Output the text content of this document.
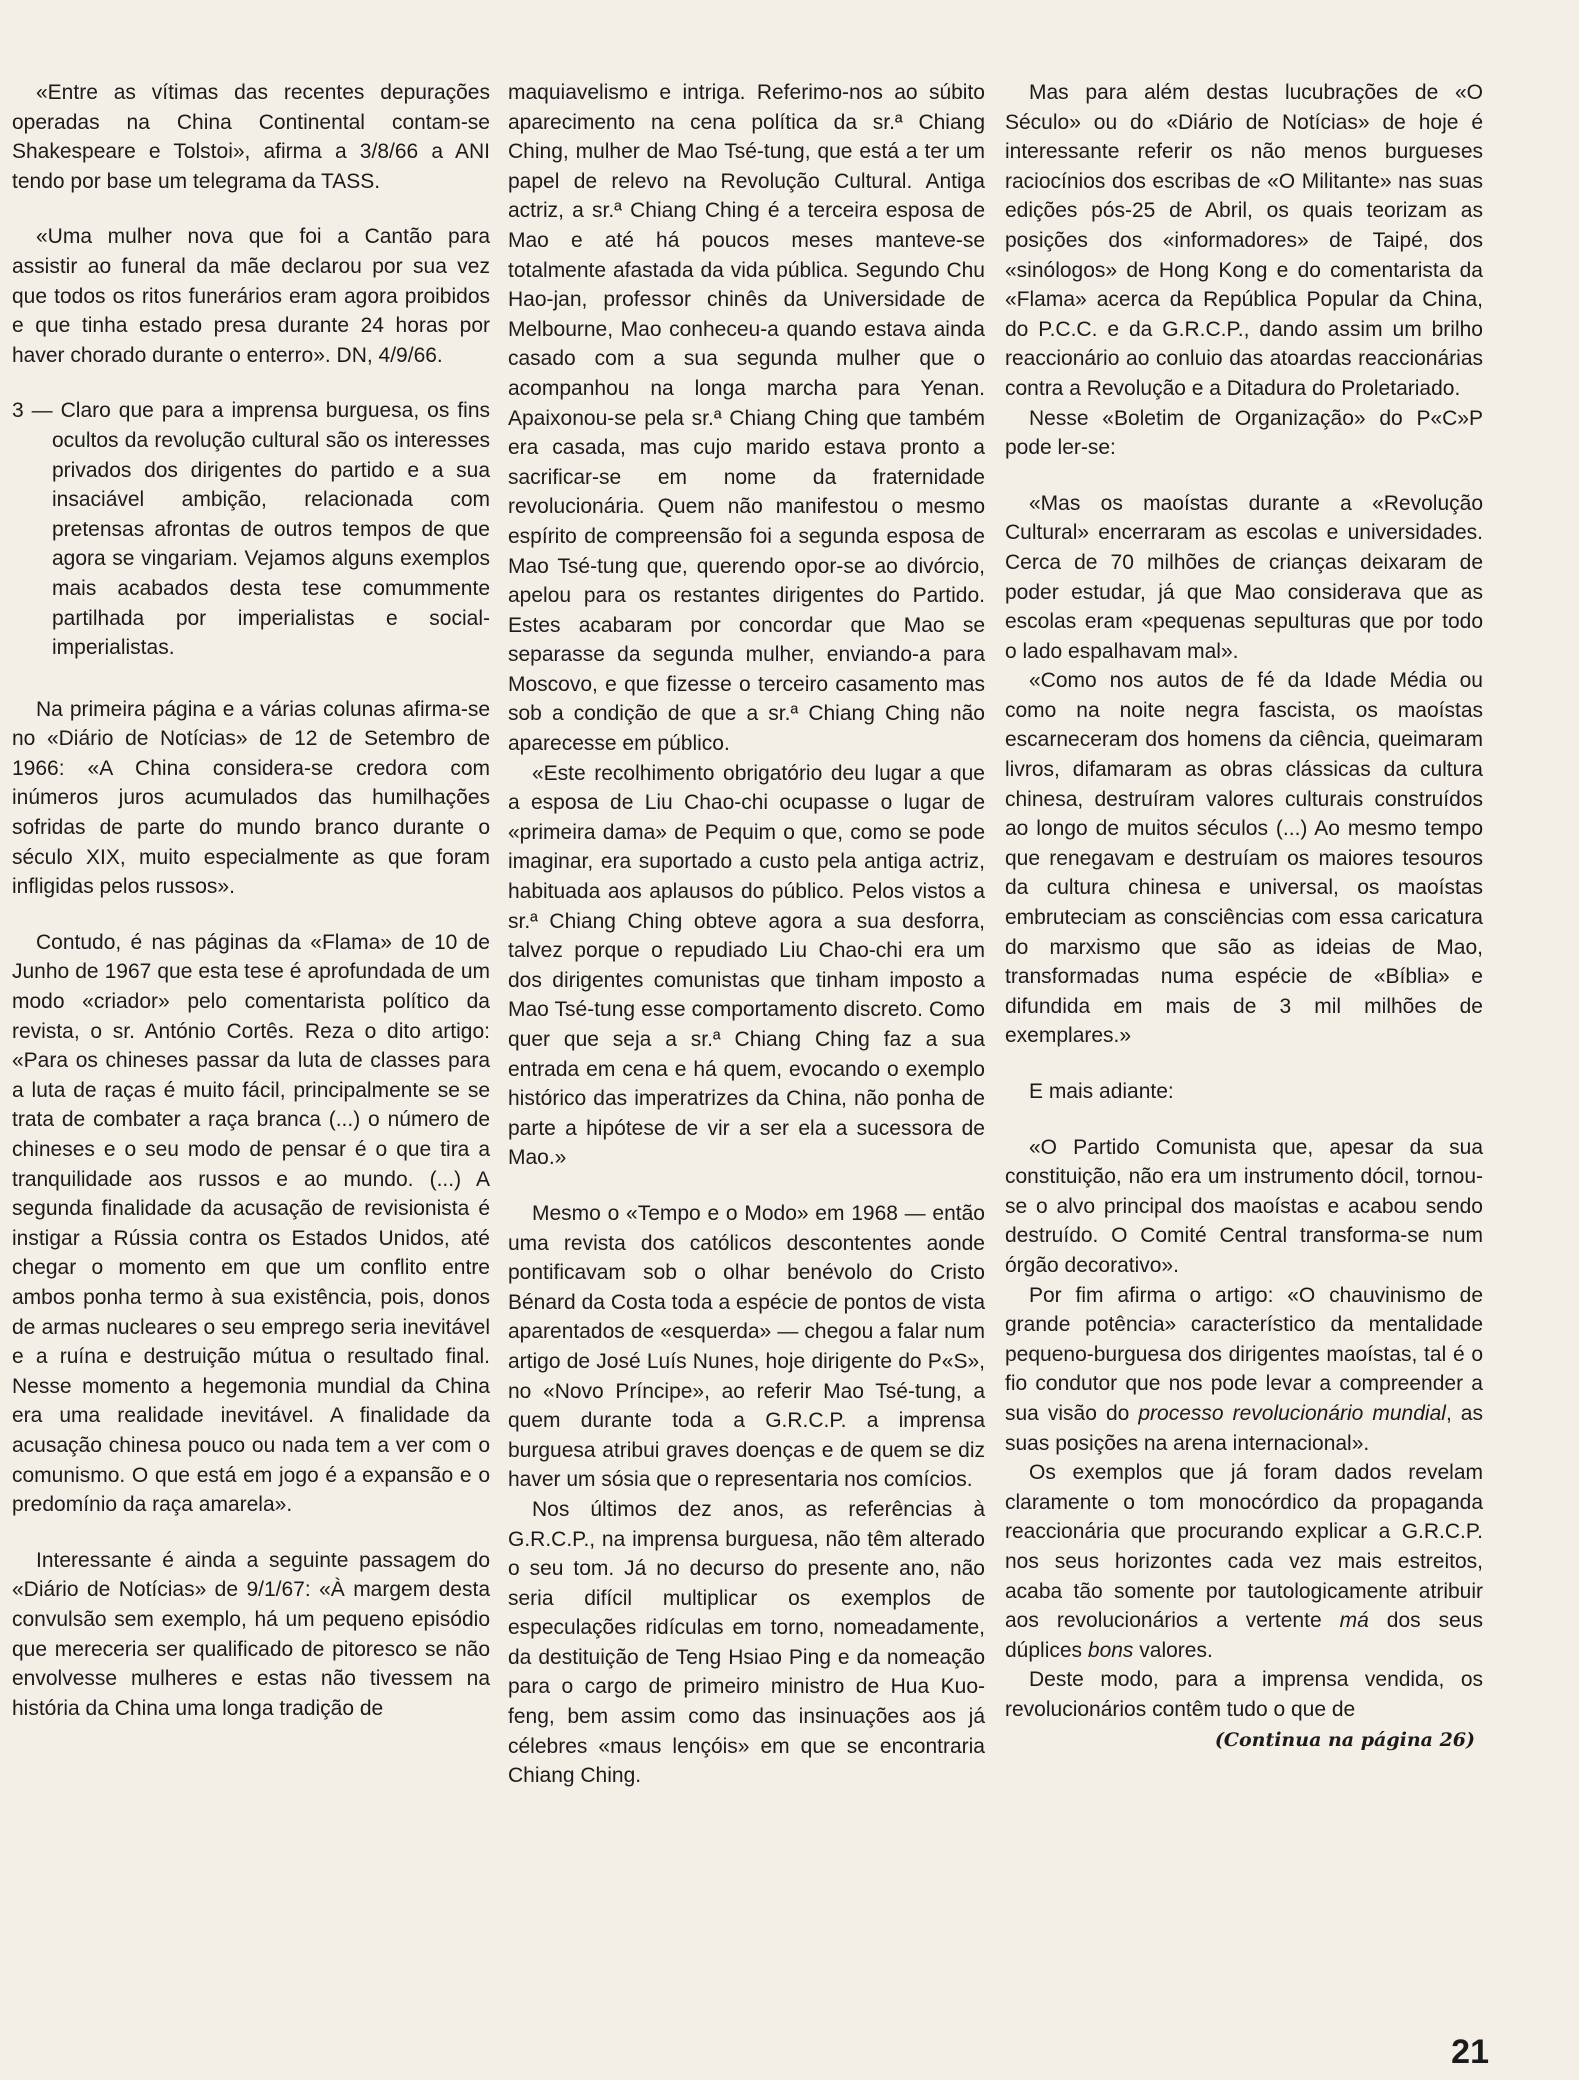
«Entre as vítimas das recentes depurações operadas na China Continental contam-se Shakespeare e Tolstoi», afirma a 3/8/66 a ANI tendo por base um telegrama da TASS.

«Uma mulher nova que foi a Cantão para assistir ao funeral da mãe declarou por sua vez que todos os ritos funerários eram agora proibidos e que tinha estado presa durante 24 horas por haver chorado durante o enterro». DN, 4/9/66.

3 — Claro que para a imprensa burguesa, os fins ocultos da revolução cultural são os interesses privados dos dirigentes do partido e a sua insaciável ambição, relacionada com pretensas afrontas de outros tempos de que agora se vingariam. Vejamos alguns exemplos mais acabados desta tese comummente partilhada por imperialistas e social-imperialistas.

Na primeira página e a várias colunas afirma-se no «Diário de Notícias» de 12 de Setembro de 1966: «A China considera-se credora com inúmeros juros acumulados das humilhações sofridas de parte do mundo branco durante o século XIX, muito especialmente as que foram infligidas pelos russos».

Contudo, é nas páginas da «Flama» de 10 de Junho de 1967 que esta tese é aprofundada de um modo «criador» pelo comentarista político da revista, o sr. António Cortês. Reza o dito artigo: «Para os chineses passar da luta de classes para a luta de raças é muito fácil, principalmente se se trata de combater a raça branca (...) o número de chineses e o seu modo de pensar é o que tira a tranquilidade aos russos e ao mundo. (...) A segunda finalidade da acusação de revisionista é instigar a Rússia contra os Estados Unidos, até chegar o momento em que um conflito entre ambos ponha termo à sua existência, pois, donos de armas nucleares o seu emprego seria inevitável e a ruína e destruição mútua o resultado final. Nesse momento a hegemonia mundial da China era uma realidade inevitável. A finalidade da acusação chinesa pouco ou nada tem a ver com o comunismo. O que está em jogo é a expansão e o predomínio da raça amarela».

Interessante é ainda a seguinte passagem do «Diário de Notícias» de 9/1/67: «À margem desta convulsão sem exemplo, há um pequeno episódio que mereceria ser qualificado de pitoresco se não envolvesse mulheres e estas não tivessem na história da China uma longa tradição de

maquiavelismo e intriga. Referimo-nos ao súbito aparecimento na cena política da sr.ª Chiang Ching, mulher de Mao Tsé-tung, que está a ter um papel de relevo na Revolução Cultural. Antiga actriz, a sr.ª Chiang Ching é a terceira esposa de Mao e até há poucos meses manteve-se totalmente afastada da vida pública. Segundo Chu Hao-jan, professor chinês da Universidade de Melbourne, Mao conheceu-a quando estava ainda casado com a sua segunda mulher que o acompanhou na longa marcha para Yenan. Apaixonou-se pela sr.ª Chiang Ching que também era casada, mas cujo marido estava pronto a sacrificar-se em nome da fraternidade revolucionária. Quem não manifestou o mesmo espírito de compreensão foi a segunda esposa de Mao Tsé-tung que, querendo opor-se ao divórcio, apelou para os restantes dirigentes do Partido. Estes acabaram por concordar que Mao se separasse da segunda mulher, enviando-a para Moscovo, e que fizesse o terceiro casamento mas sob a condição de que a sr.ª Chiang Ching não aparecesse em público.

«Este recolhimento obrigatório deu lugar a que a esposa de Liu Chao-chi ocupasse o lugar de «primeira dama» de Pequim o que, como se pode imaginar, era suportado a custo pela antiga actriz, habituada aos aplausos do público. Pelos vistos a sr.ª Chiang Ching obteve agora a sua desforra, talvez porque o repudiado Liu Chao-chi era um dos dirigentes comunistas que tinham imposto a Mao Tsé-tung esse comportamento discreto. Como quer que seja a sr.ª Chiang Ching faz a sua entrada em cena e há quem, evocando o exemplo histórico das imperatrizes da China, não ponha de parte a hipótese de vir a ser ela a sucessora de Mao.»

Mesmo o «Tempo e o Modo» em 1968 — então uma revista dos católicos descontentes aonde pontificavam sob o olhar benévolo do Cristo Bénard da Costa toda a espécie de pontos de vista aparentados de «esquerda» — chegou a falar num artigo de José Luís Nunes, hoje dirigente do P«S», no «Novo Príncipe», ao referir Mao Tsé-tung, a quem durante toda a G.R.C.P. a imprensa burguesa atribui graves doenças e de quem se diz haver um sósia que o representaria nos comícios.

Nos últimos dez anos, as referências à G.R.C.P., na imprensa burguesa, não têm alterado o seu tom. Já no decurso do presente ano, não seria difícil multiplicar os exemplos de especulações ridículas em torno, nomeadamente, da destituição de Teng Hsiao Ping e da nomeação para o cargo de primeiro ministro de Hua Kuo-feng, bem assim como das insinuações aos já célebres «maus lençóis» em que se encontraria Chiang Ching.

Mas para além destas lucubrações de «O Século» ou do «Diário de Notícias» de hoje é interessante referir os não menos burgueses raciocínios dos escribas de «O Militante» nas suas edições pós-25 de Abril, os quais teorizam as posições dos «informadores» de Taipé, dos «sinólogos» de Hong Kong e do comentarista da «Flama» acerca da República Popular da China, do P.C.C. e da G.R.C.P., dando assim um brilho reaccionário ao conluio das atoardas reaccionárias contra a Revolução e a Ditadura do Proletariado.

Nesse «Boletim de Organização» do P«C»P pode ler-se:

«Mas os maoístas durante a «Revolução Cultural» encerraram as escolas e universidades. Cerca de 70 milhões de crianças deixaram de poder estudar, já que Mao considerava que as escolas eram «pequenas sepulturas que por todo o lado espalhavam mal».

«Como nos autos de fé da Idade Média ou como na noite negra fascista, os maoístas escarneceram dos homens da ciência, queimaram livros, difamaram as obras clássicas da cultura chinesa, destruíram valores culturais construídos ao longo de muitos séculos (...) Ao mesmo tempo que renegavam e destruíam os maiores tesouros da cultura chinesa e universal, os maoístas embruteciam as consciências com essa caricatura do marxismo que são as ideias de Mao, transformadas numa espécie de «Bíblia» e difundida em mais de 3 mil milhões de exemplares.»

E mais adiante:

«O Partido Comunista que, apesar da sua constituição, não era um instrumento dócil, tornou-se o alvo principal dos maoístas e acabou sendo destruído. O Comité Central transforma-se num órgão decorativo».

Por fim afirma o artigo: «O chauvinismo de grande potência» característico da mentalidade pequeno-burguesa dos dirigentes maoístas, tal é o fio condutor que nos pode levar a compreender a sua visão do processo revolucionário mundial, as suas posições na arena internacional».

Os exemplos que já foram dados revelam claramente o tom monocórdico da propaganda reaccionária que procurando explicar a G.R.C.P. nos seus horizontes cada vez mais estreitos, acaba tão somente por tautologicamente atribuir aos revolucionários a vertente má dos seus dúplices bons valores.

Deste modo, para a imprensa vendida, os revolucionários contêm tudo o que de

(Continua na página 26)

21
